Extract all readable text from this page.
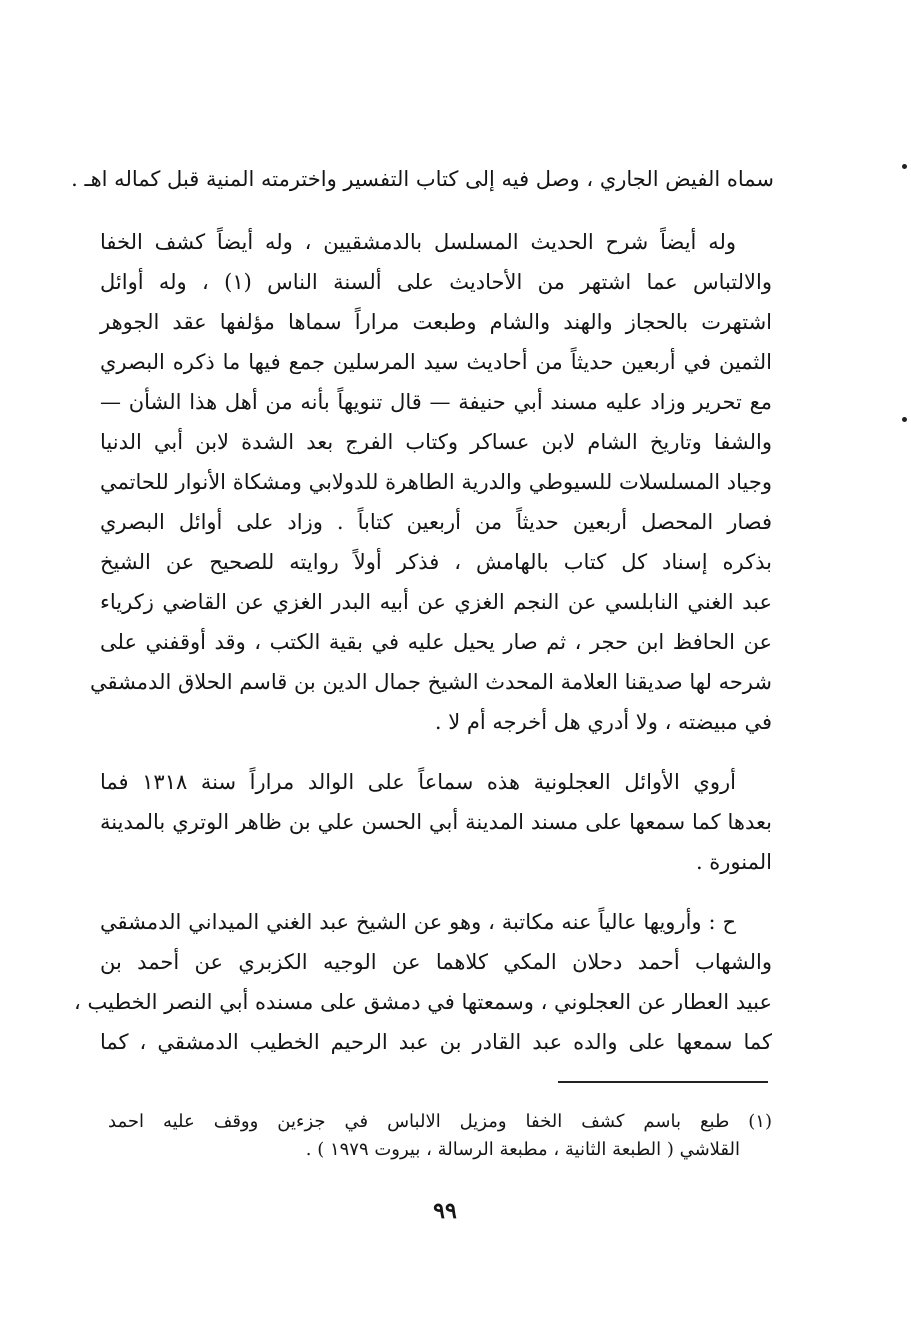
سماه الفيض الجاري ، وصل فيه إلى كتاب التفسير واخترمته المنية قبل كماله اهـ .
وله أيضاً شرح الحديث المسلسل بالدمشقيين ، وله أيضاً كشف الخفا
والالتباس عما اشتهر من الأحاديث على ألسنة الناس (١) ، وله أوائل
اشتهرت بالحجاز والهند والشام وطبعت مراراً سماها مؤلفها عقد الجوهر
الثمين في أربعين حديثاً من أحاديث سيد المرسلين جمع فيها ما ذكره البصري
مع تحرير وزاد عليه مسند أبي حنيفة — قال تنويهاً بأنه من أهل هذا الشأن —
والشفا وتاريخ الشام لابن عساكر وكتاب الفرج بعد الشدة لابن أبي الدنيا
وجياد المسلسلات للسيوطي والدرية الطاهرة للدولابي ومشكاة الأنوار للحاتمي
فصار المحصل أربعين حديثاً من أربعين كتاباً . وزاد على أوائل البصري
بذكره إسناد كل كتاب بالهامش ، فذكر أولاً روايته للصحيح عن الشيخ
عبد الغني النابلسي عن النجم الغزي عن أبيه البدر الغزي عن القاضي زكرياء
عن الحافظ ابن حجر ، ثم صار يحيل عليه في بقية الكتب ، وقد أوقفني على
شرحه لها صديقنا العلامة المحدث الشيخ جمال الدين بن قاسم الحلاق الدمشقي
في مبيضته ، ولا أدري هل أخرجه أم لا .
أروي الأوائل العجلونية هذه سماعاً على الوالد مراراً سنة ١٣١٨ فما
بعدها كما سمعها على مسند المدينة أبي الحسن علي بن ظاهر الوتري بالمدينة
المنورة .
ح : وأرويها عالياً عنه مكاتبة ، وهو عن الشيخ عبد الغني الميداني الدمشقي
والشهاب أحمد دحلان المكي كلاهما عن الوجيه الكزبري عن أحمد بن
عبيد العطار عن العجلوني ، وسمعتها في دمشق على مسنده أبي النصر الخطيب ،
كما سمعها على والده عبد القادر بن عبد الرحيم الخطيب الدمشقي ، كما
(١) طبع باسم كشف الخفا ومزيل الالباس في جزءين ووقف عليه احمد
القلاشي ( الطبعة الثانية ، مطبعة الرسالة ، بيروت ١٩٧٩ ) .
٩٩
